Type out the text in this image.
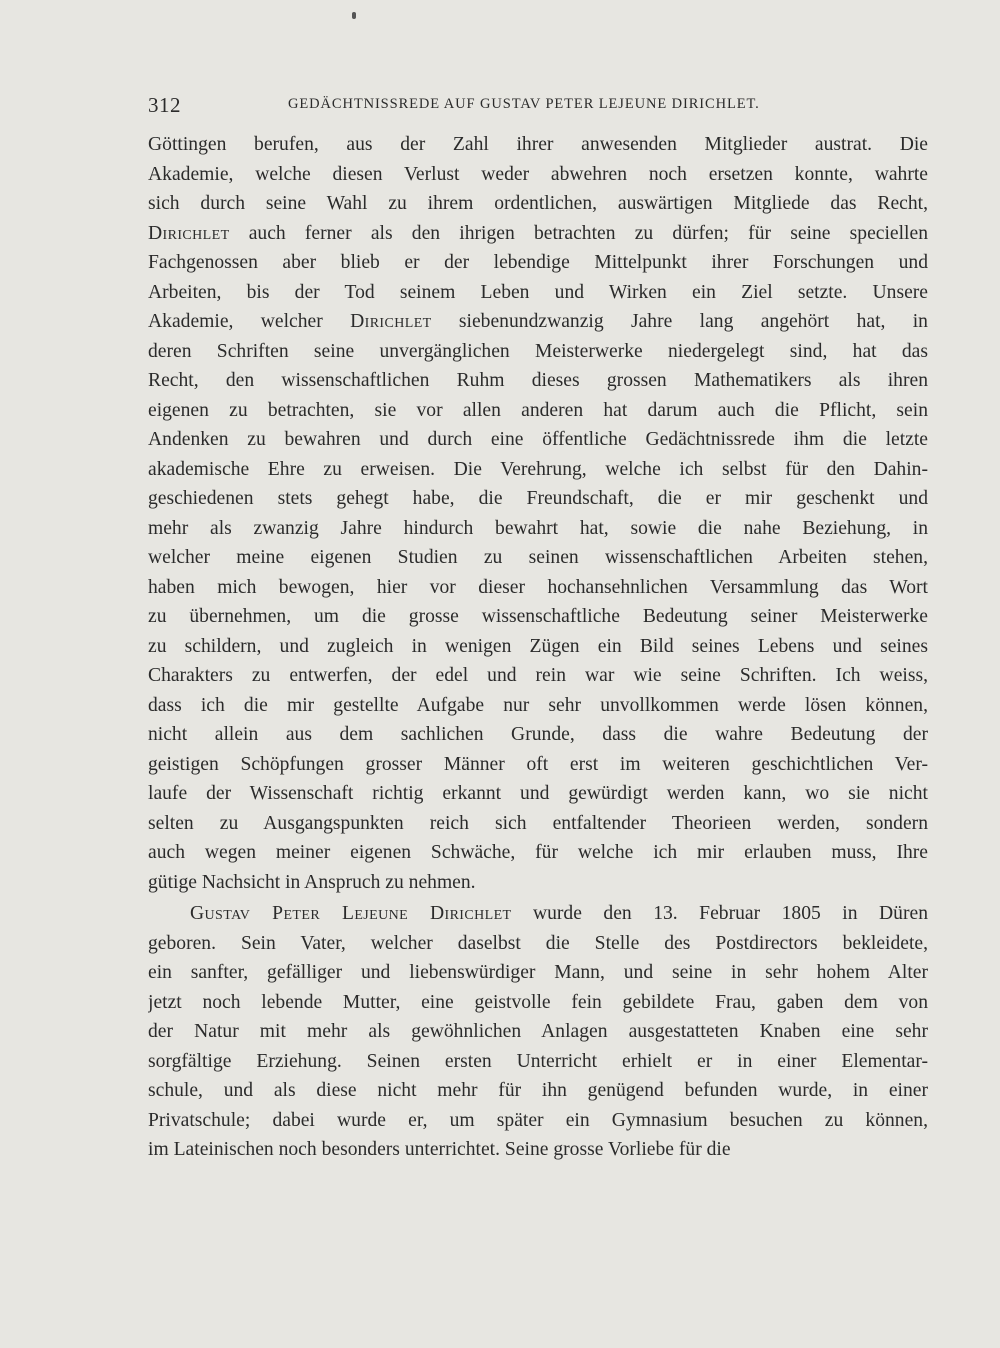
312	GEDÄCHTNISSREDE AUF GUSTAV PETER LEJEUNE DIRICHLET.
Göttingen berufen, aus der Zahl ihrer anwesenden Mitglieder austrat. Die
Akademie, welche diesen Verlust weder abwehren noch ersetzen konnte, wahrte
sich durch seine Wahl zu ihrem ordentlichen, auswärtigen Mitgliede das Recht,
Dirichlet auch ferner als den ihrigen betrachten zu dürfen; für seine speciellen
Fachgenossen aber blieb er der lebendige Mittelpunkt ihrer Forschungen und
Arbeiten, bis der Tod seinem Leben und Wirken ein Ziel setzte. Unsere
Akademie, welcher Dirichlet siebenundzwanzig Jahre lang angehört hat, in
deren Schriften seine unvergänglichen Meisterwerke niedergelegt sind, hat das
Recht, den wissenschaftlichen Ruhm dieses grossen Mathematikers als ihren
eigenen zu betrachten, sie vor allen anderen hat darum auch die Pflicht, sein
Andenken zu bewahren und durch eine öffentliche Gedächtnissrede ihm die letzte
akademische Ehre zu erweisen. Die Verehrung, welche ich selbst für den Dahin-
geschiedenen stets gehegt habe, die Freundschaft, die er mir geschenkt und
mehr als zwanzig Jahre hindurch bewahrt hat, sowie die nahe Beziehung, in
welcher meine eigenen Studien zu seinen wissenschaftlichen Arbeiten stehen,
haben mich bewogen, hier vor dieser hochansehnlichen Versammlung das Wort
zu übernehmen, um die grosse wissenschaftliche Bedeutung seiner Meisterwerke
zu schildern, und zugleich in wenigen Zügen ein Bild seines Lebens und seines
Charakters zu entwerfen, der edel und rein war wie seine Schriften. Ich weiss,
dass ich die mir gestellte Aufgabe nur sehr unvollkommen werde lösen können,
nicht allein aus dem sachlichen Grunde, dass die wahre Bedeutung der
geistigen Schöpfungen grosser Männer oft erst im weiteren geschichtlichen Ver-
laufe der Wissenschaft richtig erkannt und gewürdigt werden kann, wo sie nicht
selten zu Ausgangspunkten reich sich entfaltender Theorieen werden, sondern
auch wegen meiner eigenen Schwäche, für welche ich mir erlauben muss, Ihre
gütige Nachsicht in Anspruch zu nehmen.
Gustav Peter Lejeune Dirichlet wurde den 13. Februar 1805 in Düren
geboren. Sein Vater, welcher daselbst die Stelle des Postdirectors bekleidete,
ein sanfter, gefälliger und liebenswürdiger Mann, und seine in sehr hohem Alter
jetzt noch lebende Mutter, eine geistvolle fein gebildete Frau, gaben dem von
der Natur mit mehr als gewöhnlichen Anlagen ausgestatteten Knaben eine sehr
sorgfältige Erziehung. Seinen ersten Unterricht erhielt er in einer Elementar-
schule, und als diese nicht mehr für ihn genügend befunden wurde, in einer
Privatschule; dabei wurde er, um später ein Gymnasium besuchen zu können,
im Lateinischen noch besonders unterrichtet. Seine grosse Vorliebe für die
